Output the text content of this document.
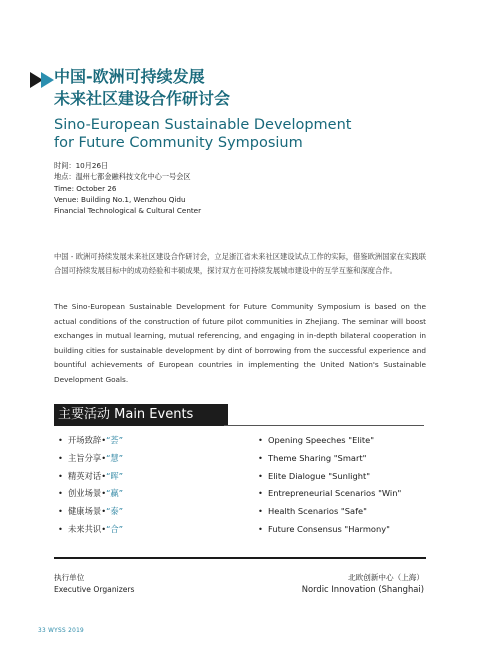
中国-欧洲可持续发展
未来社区建设合作研讨会
Sino-European Sustainable Development
for Future Community Symposium
时间：10月26日
地点：温州七都金融科技文化中心一号会区
Time: October 26
Venue: Building No.1, Wenzhou Qidu
Financial Technological & Cultural Center
中国 - 欧洲可持续发展未来社区建设合作研讨会，立足浙江省未来社区建设试点工作的实际，借鉴欧洲国家在实践联合国可持续发展目标中的成功经验和丰硕成果，探讨双方在可持续发展城市建设中的互学互鉴和深度合作。
The Sino-European Sustainable Development for Future Community Symposium is based on the actual conditions of the construction of future pilot communities in Zhejiang. The seminar will boost exchanges in mutual learning, mutual referencing, and engaging in in-depth bilateral cooperation in building cities for sustainable development by dint of borrowing from the successful experience and bountiful achievements of European countries in implementing the United Nation's Sustainable Development Goals.
主要活动 Main Events
• 开场致辞•“荟”
• 主旨分享•“慧”
• 精英对话•“晖”
• 创业场景•“赢”
• 健康场景•“泰”
• 未来共识•“合”
• Opening Speeches "Elite"
• Theme Sharing "Smart"
• Elite Dialogue "Sunlight"
• Entrepreneurial Scenarios "Win"
• Health Scenarios "Safe"
• Future Consensus "Harmony"
执行单位
Executive Organizers
北欧创新中心（上海）
Nordic Innovation (Shanghai)
33 WYSS 2019
